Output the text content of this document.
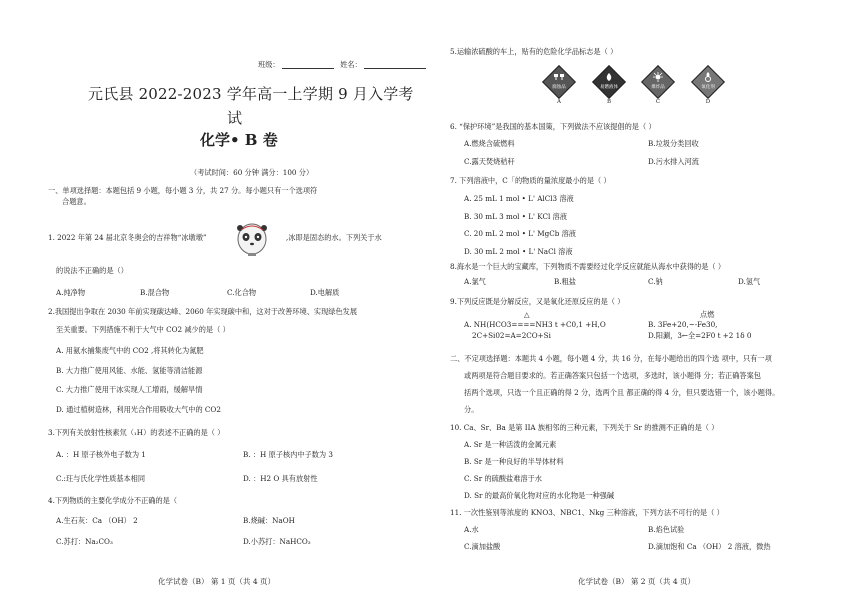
班级：	姓名：
元氏县 2022-2023 学年高一上学期 9 月入学考
试
化学• B 卷
（考试时间：60 分钟 满分：100 分）
一、单项选择题：本题包括 9 小题，每小题 3 分，共 27 分。每小题只有一个选项符
合题意。
1. 2022 年第 24 届北京冬奥会的吉祥物“冰墩墩”	,冰即是固态的水。下列关于水
的说法不正确的是（）
A.纯净物	B.混合物	C.化合物	D.电解质
2.我国提出争取在 2030 年前实现碳达峰、2060 年实现碳中和，这对于改善环境、实现绿色发展
至关重要。下列措施不利于大气中 CO2 减少的是（ ）
A. 用氨水捕集废气中的 CO2 ,将其转化为氮肥
B. 大力推广使用风能、水能、氢能等清洁能源
C. 大力推广使用干冰实现人工增雨，缓解旱情
D. 通过植树造林，利用光合作用吸收大气中的 CO2
3.下列有关放射性核素氘（₁H）的表述不正确的是（ ）
A. ：H 原子核外电子数为 1	B. ：H 原子核内中子数为 3
C.:玨与氏化学性质基本相同	D. ：H2 O 具有放射性
4.下列物质的主要化学成分不正确的是（
A.生石灰：Ca （OH） 2	B.烧碱：NaOH
C.苏打：Na₂CO₃	D.小苏打：NaHCO₃
化学试卷（B） 第 1 页（共 4 页）
5.运输浓硫酸的车上，贴有的危险化学品标志是（ ）
腐蚀品
A
易燃液体
B
爆炸品
C
氧化剂
D
6. “保护环境”是我国的基本国策，下列做法不应该提倡的是（ ）
A.燃烧含硫燃料	B.垃圾分类回收
C.露天焚烧秸秆	D.污水排入河流
7. 下列溶液中，C「的物质的量浓度最小的是（ ）
A. 25 mL 1 mol • L' AlCl3 溶液
B. 30 mL 3 mol • L' KCl 溶液
C. 20 mL 2 mol • L' MgCb 溶液
D. 30 mL 2 mol • L' NaCl 溶液
8.海水是一个巨大的宝藏库，下列物质不需要经过化学反应就能从海水中获得的是（ ）
A.氯气	B.粗盐	C.钠	D.氢气
9.下列反应既是分解反应，又是氧化还原反应的是（ ）
△	点燃
A. NH(HCO3====NH3 t +C0,1 +H,O	B. 3Fe+20,~-Fe30,
2C+Si02=A=2CO+Si	D.阳涮，3←全=2F0 t +2 1δ 0
二、不定项选择题：本题共 4 小题，每小题 4 分，共 16 分，在每小题给出的四个选 项中，只有一项
或两项是符合题目要求的。若正确答案只包括一个选项，多选时，该小题得 分；若正确答案包
括两个选项，只选一个且正确的得 2 分，选两个且 都正确的得 4 分，但只要选错一个，该小题得。
分。
10. Ca、Sr、Ba 是第 IIA 族相邻的三种元素，下列关于 Sr 的推测不正确的是（ ）
A. Sr 是一种活泼的金属元素
B. Sr 是一种良好的半导体材料
C. Sr 的硫酸盐难溶于水
D. Sr 的最高价氧化物对应的水化物是一种强碱
11. 一次性鉴别等浓度的 KNO3、NBC1、Nkg 三种溶液，下列方法不可行的是（ ）
A.水	B.焰色试验
C.滴加盐酸	D.滴加饱和 Ca （OH） 2 溶液，微热
化学试卷（B） 第 2 页（共 4 页）
